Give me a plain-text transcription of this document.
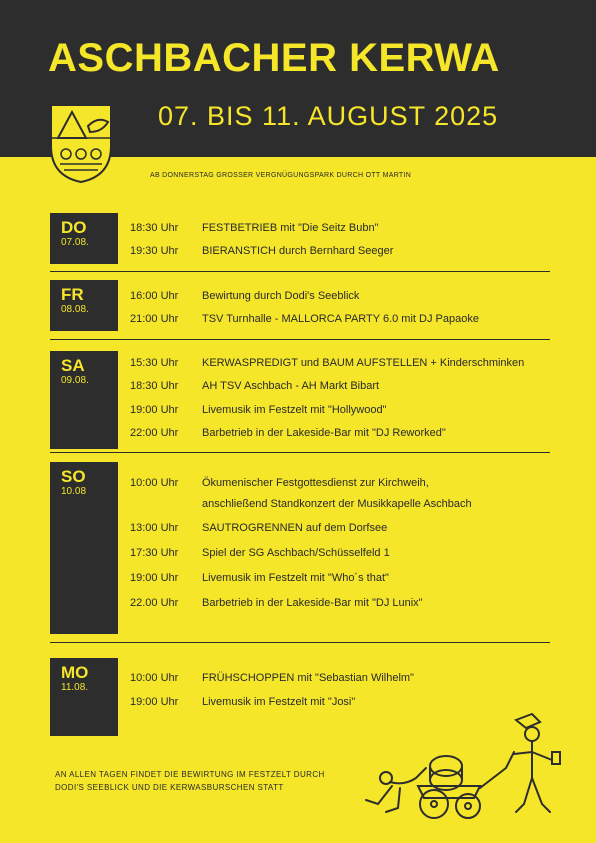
ASCHBACHER KERWA
07. BIS 11. AUGUST 2025
AB DONNERSTAG GROSSER VERGNÜGUNGSPARK DURCH OTT MARTIN
DO
07.08.
18:30 Uhr FESTBETRIEB mit "Die Seitz Bubn"
19:30 Uhr BIERANSTICH durch Bernhard Seeger
FR
08.08.
16:00 Uhr Bewirtung durch Dodi's Seeblick
21:00 Uhr TSV Turnhalle - MALLORCA PARTY 6.0 mit DJ Papaoke
SA
09.08.
15:30 Uhr KERWASPREDIGT und BAUM AUFSTELLEN + Kinderschminken
18:30 Uhr AH TSV Aschbach - AH Markt Bibart
19:00 Uhr Livemusik im Festzelt mit "Hollywood"
22:00 Uhr Barbetrieb in der Lakeside-Bar mit "DJ Reworked"
SO
10.08
10:00 Uhr Ökumenischer Festgottesdienst zur Kirchweih,
anschließend Standkonzert der Musikkapelle Aschbach
13:00 Uhr SAUTROGRENNEN auf dem Dorfsee
17:30 Uhr Spiel der SG Aschbach/Schüsselfeld 1
19:00 Uhr Livemusik im Festzelt mit "Who´s that"
22.00 Uhr Barbetrieb in der Lakeside-Bar mit "DJ Lunix"
MO
11.08.
10:00 Uhr FRÜHSCHOPPEN mit "Sebastian Wilhelm"
19:00 Uhr Livemusik im Festzelt mit "Josi"
AN ALLEN TAGEN FINDET DIE BEWIRTUNG IM FESTZELT DURCH
DODI'S SEEBLICK UND DIE KERWASBURSCHEN STATT
